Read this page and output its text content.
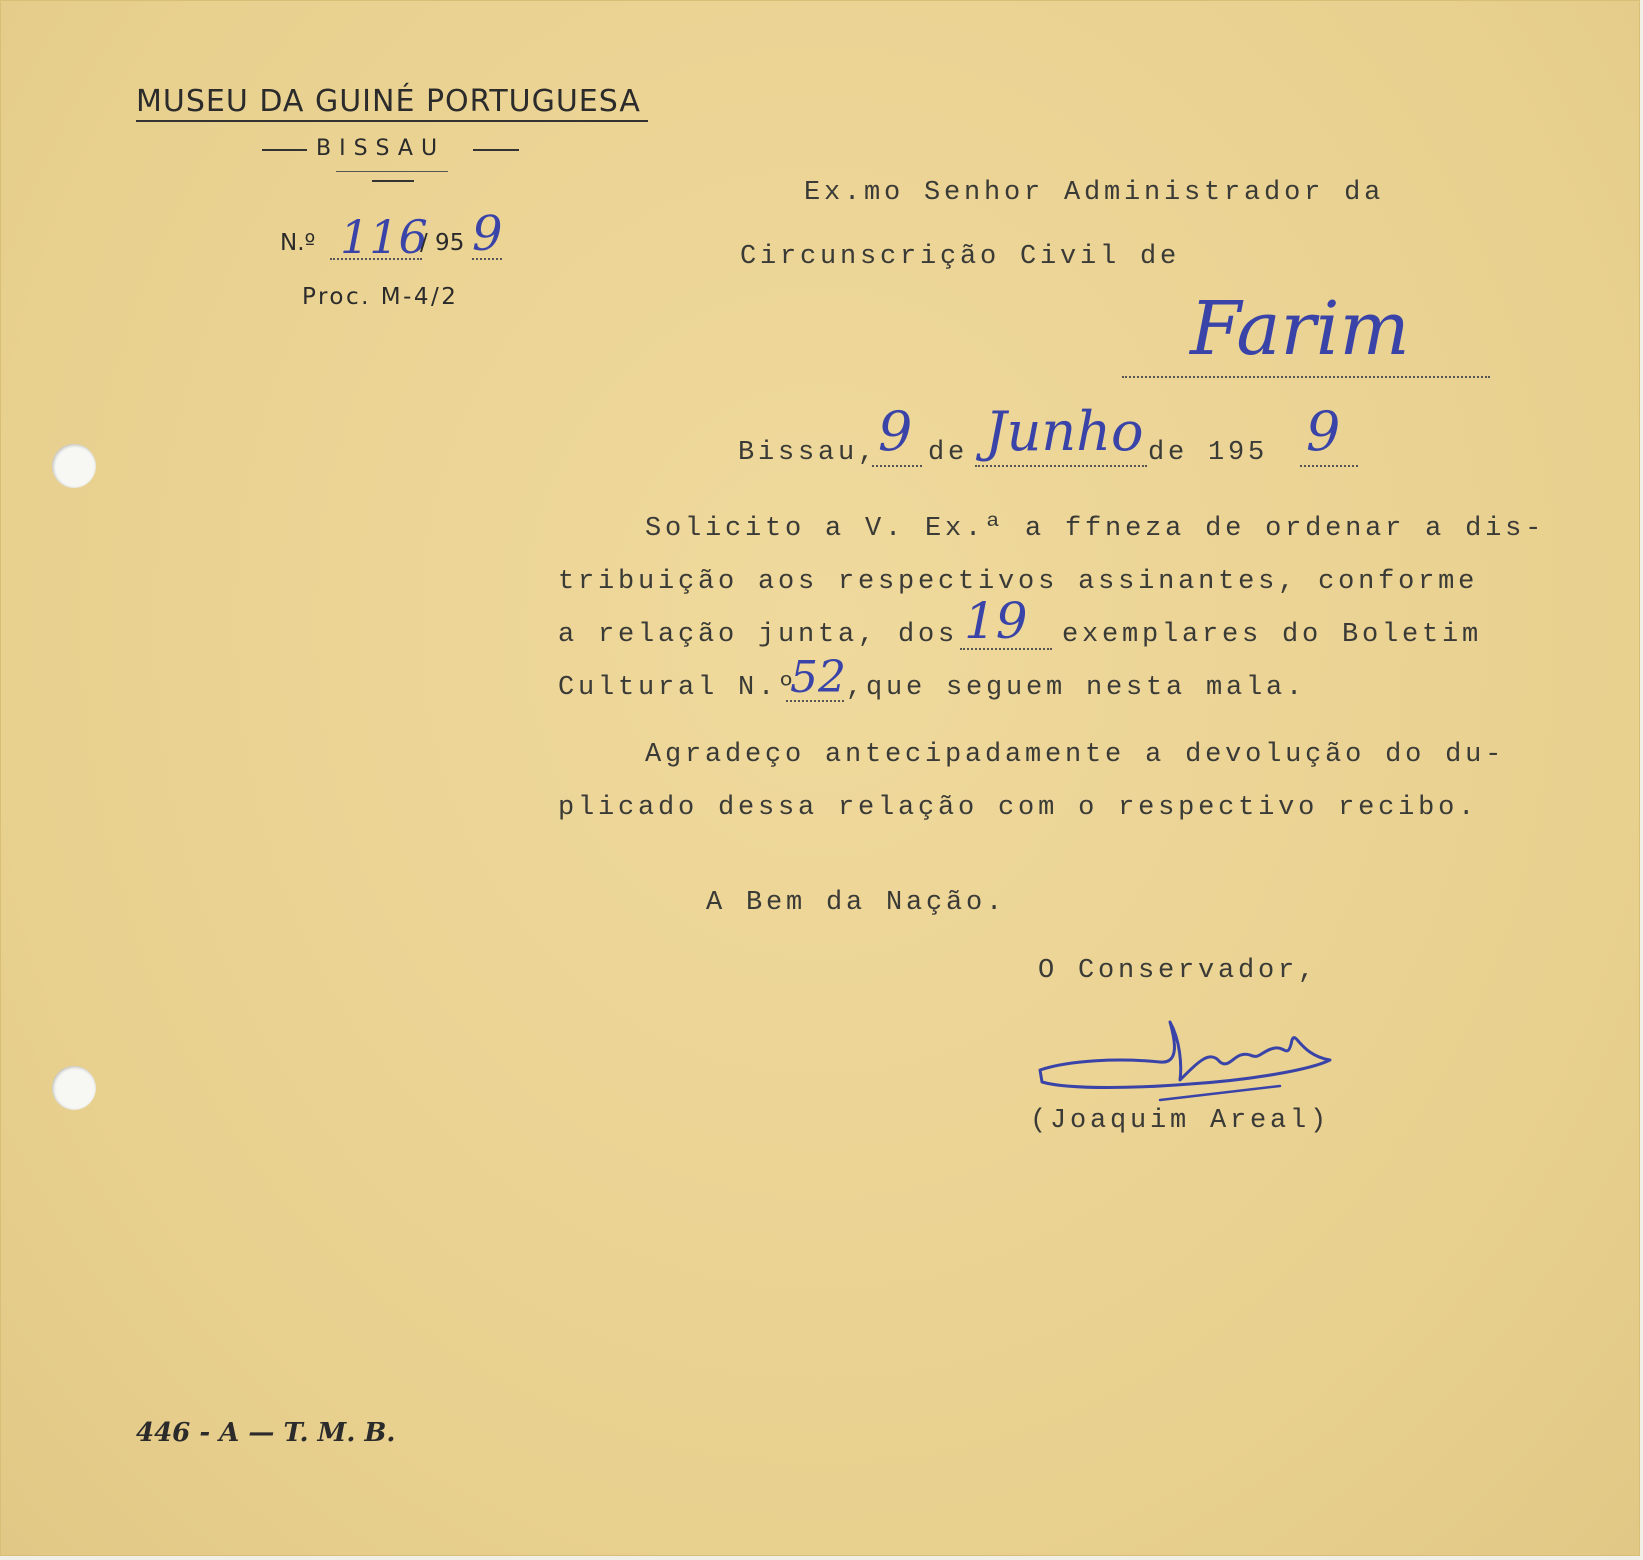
MUSEU DA GUINÉ PORTUGUESA
BISSAU
N.º 116
/ 95 9
Proc. M-4/2
Ex.mo Senhor Administrador da
Circunscrição Civil de
Farim
Bissau, 9 de Junho de 195 9
Solicito a V. Ex.ª a ffneza de ordenar a dis-
tribuição aos respectivos assinantes, conforme
a relação junta, dos 19 exemplares do Boletim
Cultural N.º
52 ,que seguem nesta mala.
Agradeço antecipadamente a devolução do du-
plicado dessa relação com o respectivo recibo.
A Bem da Nação.
O Conservador,
(Joaquim Areal)
446 - A — T. M. B.
